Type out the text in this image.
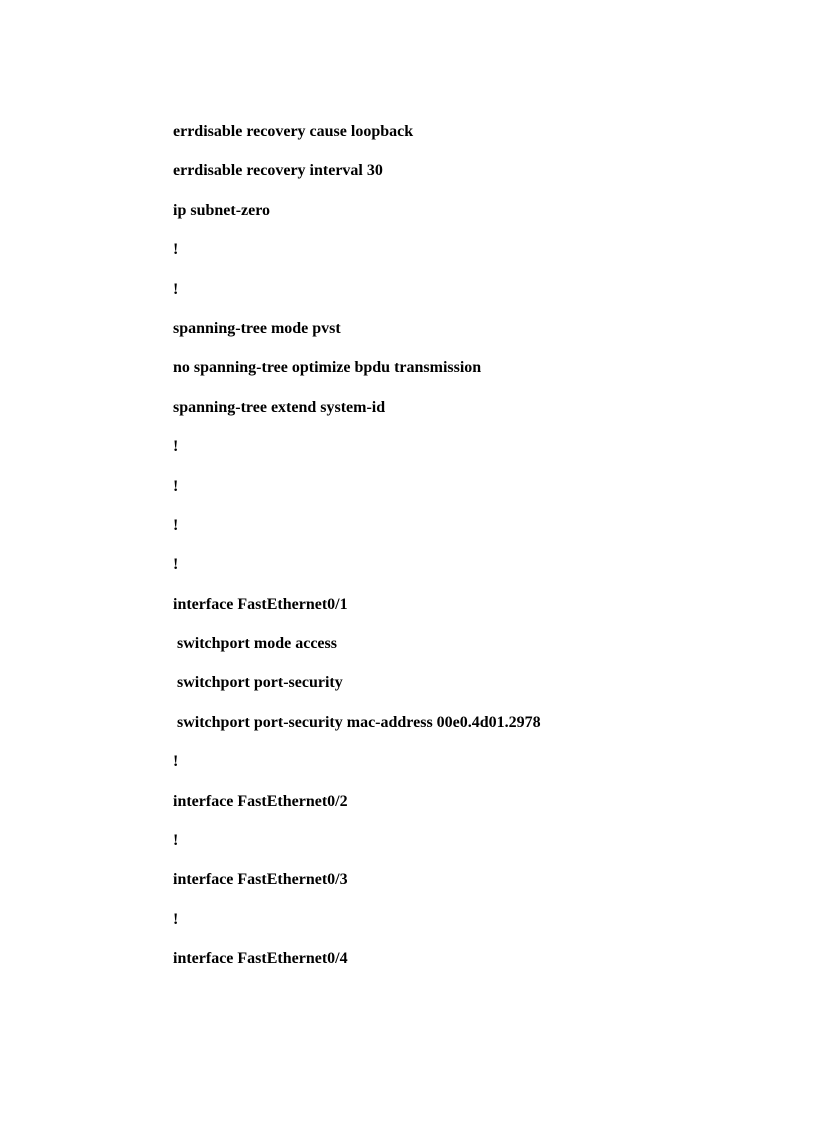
errdisable recovery cause loopback
errdisable recovery interval 30
ip subnet-zero
!
!
spanning-tree mode pvst
no spanning-tree optimize bpdu transmission
spanning-tree extend system-id
!
!
!
!
interface FastEthernet0/1
switchport mode access
switchport port-security
switchport port-security mac-address 00e0.4d01.2978
!
interface FastEthernet0/2
!
interface FastEthernet0/3
!
interface FastEthernet0/4
